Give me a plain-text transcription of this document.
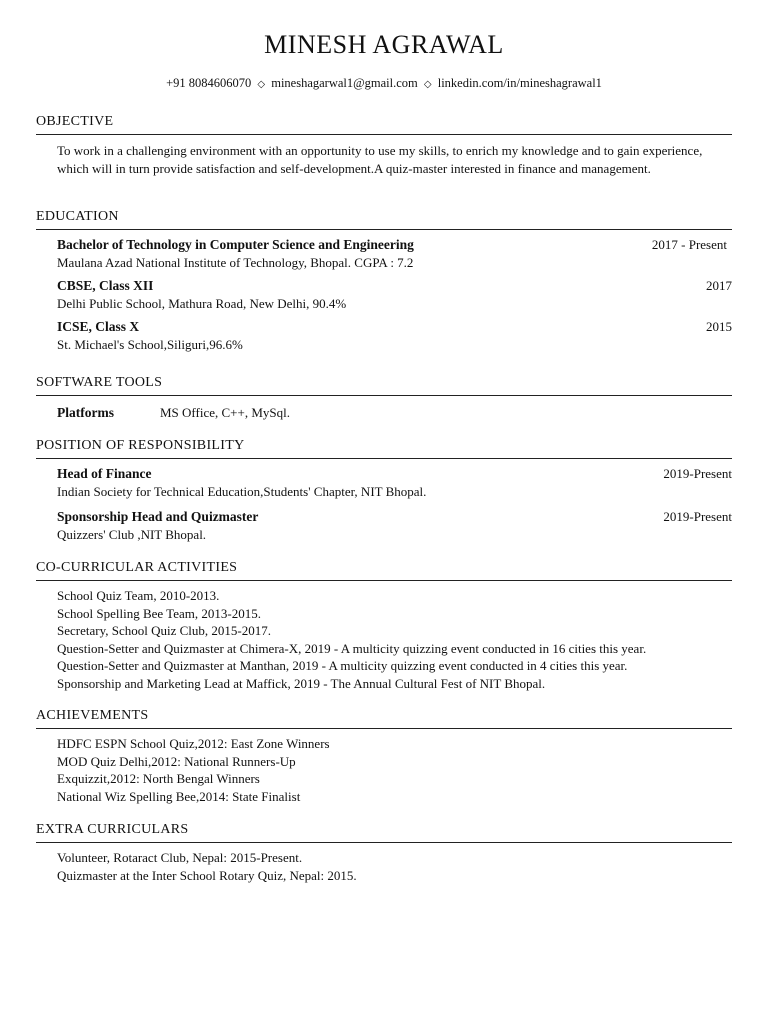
MINESH AGRAWAL
+91 8084606070 ◇ mineshagarwal1@gmail.com ◇ linkedin.com/in/mineshagrawal1
OBJECTIVE
To work in a challenging environment with an opportunity to use my skills, to enrich my knowledge and to gain experience, which will in turn provide satisfaction and self-development.A quiz-master interested in finance and management.
EDUCATION
Bachelor of Technology in Computer Science and Engineering	2017 - Present
Maulana Azad National Institute of Technology, Bhopal. CGPA : 7.2
CBSE, Class XII	2017
Delhi Public School, Mathura Road, New Delhi, 90.4%
ICSE, Class X	2015
St. Michael's School,Siliguri,96.6%
SOFTWARE TOOLS
Platforms	MS Office, C++, MySql.
POSITION OF RESPONSIBILITY
Head of Finance	2019-Present
Indian Society for Technical Education,Students' Chapter, NIT Bhopal.
Sponsorship Head and Quizmaster	2019-Present
Quizzers' Club ,NIT Bhopal.
CO-CURRICULAR ACTIVITIES
School Quiz Team, 2010-2013.
School Spelling Bee Team, 2013-2015.
Secretary, School Quiz Club, 2015-2017.
Question-Setter and Quizmaster at Chimera-X, 2019 - A multicity quizzing event conducted in 16 cities this year.
Question-Setter and Quizmaster at Manthan, 2019 - A multicity quizzing event conducted in 4 cities this year.
Sponsorship and Marketing Lead at Maffick, 2019 - The Annual Cultural Fest of NIT Bhopal.
ACHIEVEMENTS
HDFC ESPN School Quiz,2012: East Zone Winners
MOD Quiz Delhi,2012: National Runners-Up
Exquizzit,2012: North Bengal Winners
National Wiz Spelling Bee,2014: State Finalist
EXTRA CURRICULARS
Volunteer, Rotaract Club, Nepal: 2015-Present.
Quizmaster at the Inter School Rotary Quiz, Nepal: 2015.
